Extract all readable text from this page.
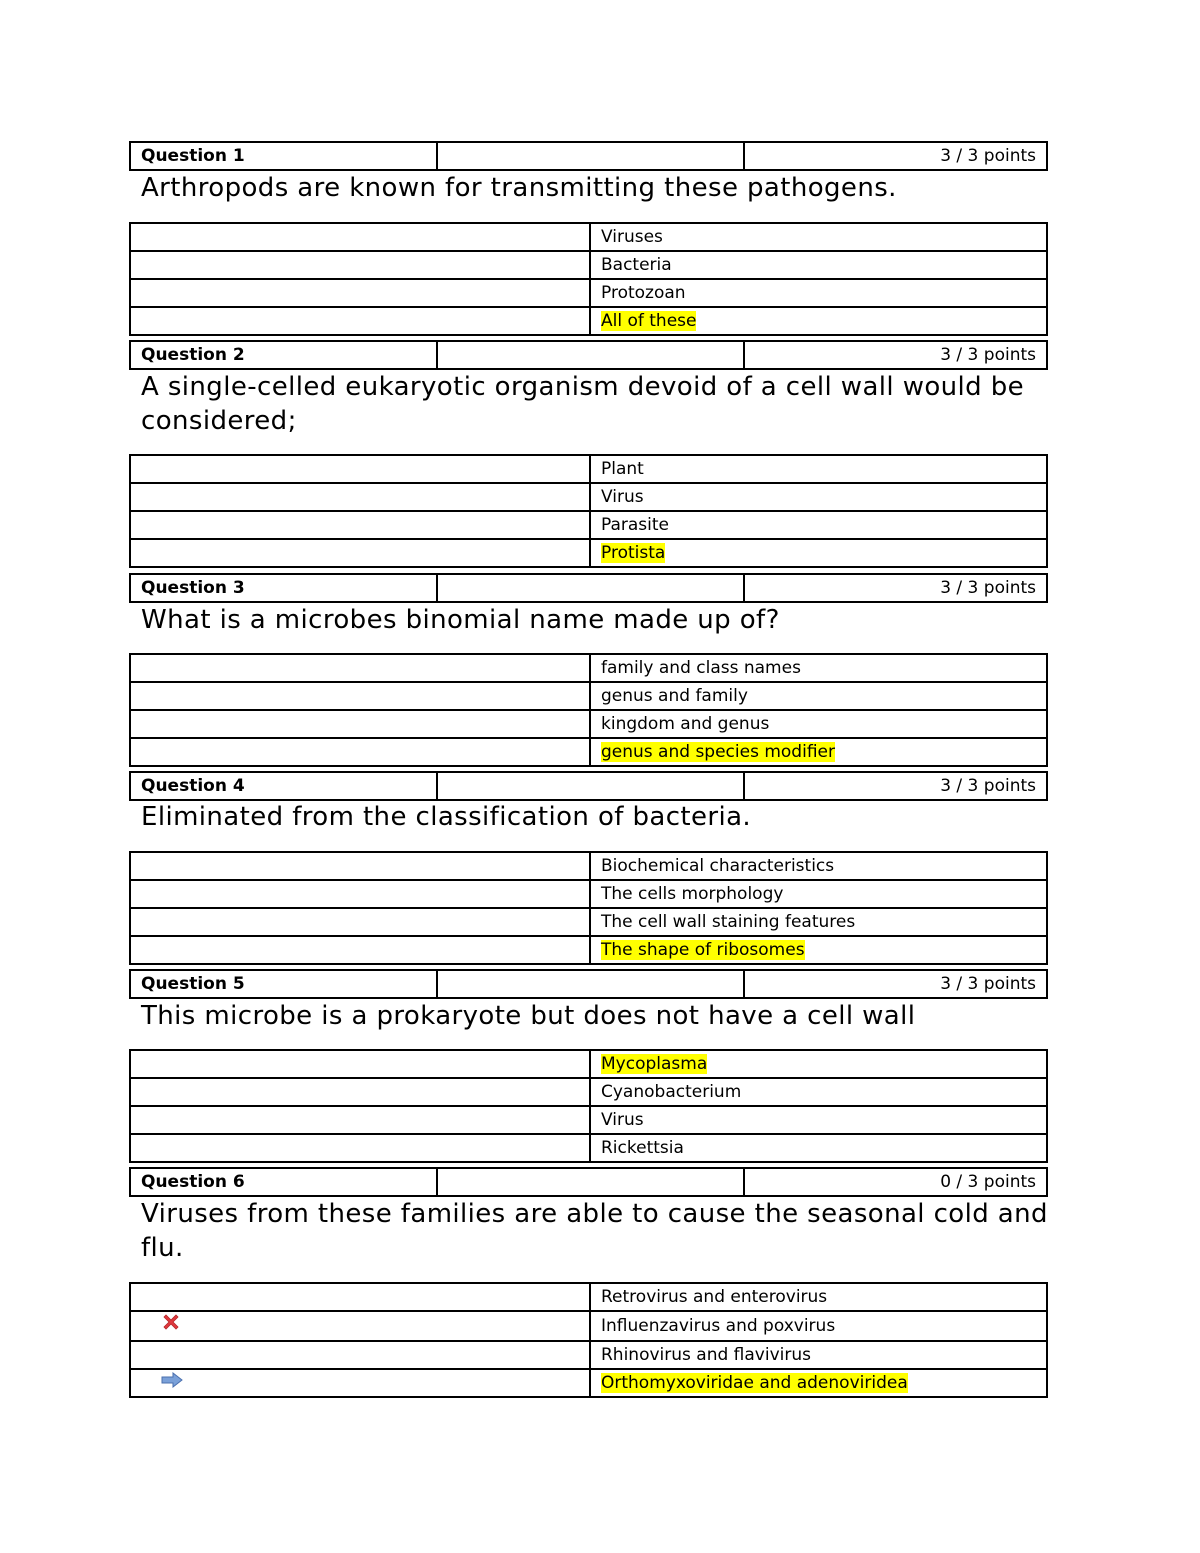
Question 1		3 / 3 points
Arthropods are known for transmitting these pathogens.
	Viruses
	Bacteria
	Protozoan
	All of these
Question 2		3 / 3 points
A single-celled eukaryotic organism devoid of a cell wall would be considered;
	Plant
	Virus
	Parasite
	Protista
Question 3		3 / 3 points
What is a microbes binomial name made up of?
	family and class names
	genus and family
	kingdom and genus
	genus and species modifier
Question 4		3 / 3 points
Eliminated from the classification of bacteria.
	Biochemical characteristics
	The cells morphology
	The cell wall staining features
	The shape of ribosomes
Question 5		3 / 3 points
This microbe is a prokaryote but does not have a cell wall
	Mycoplasma
	Cyanobacterium
	Virus
	Rickettsia
Question 6		0 / 3 points
Viruses from these families are able to cause the seasonal cold and flu.
	Retrovirus and enterovirus
	Influenzavirus and poxvirus
	Rhinovirus and flavivirus
	Orthomyxoviridae and adenoviridea
